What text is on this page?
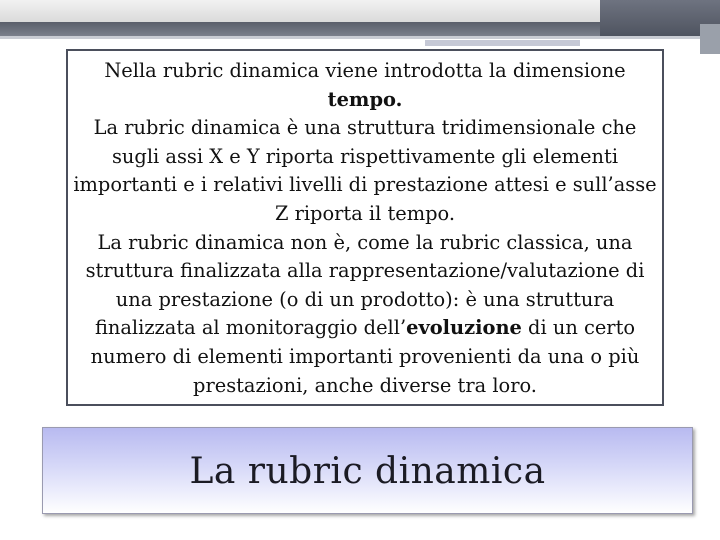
Nella rubric dinamica viene introdotta la dimensione tempo.

La rubric dinamica è una struttura tridimensionale che sugli assi X e Y riporta rispettivamente gli elementi importanti e i relativi livelli di prestazione attesi e sull’asse Z riporta il tempo.

La rubric dinamica non è, come la rubric classica, una struttura finalizzata alla rappresentazione/valutazione di una prestazione (o di un prodotto): è una struttura finalizzata al monitoraggio dell’evoluzione di un certo numero di elementi importanti provenienti da una o più prestazioni, anche diverse tra loro.

La rubric dinamica
